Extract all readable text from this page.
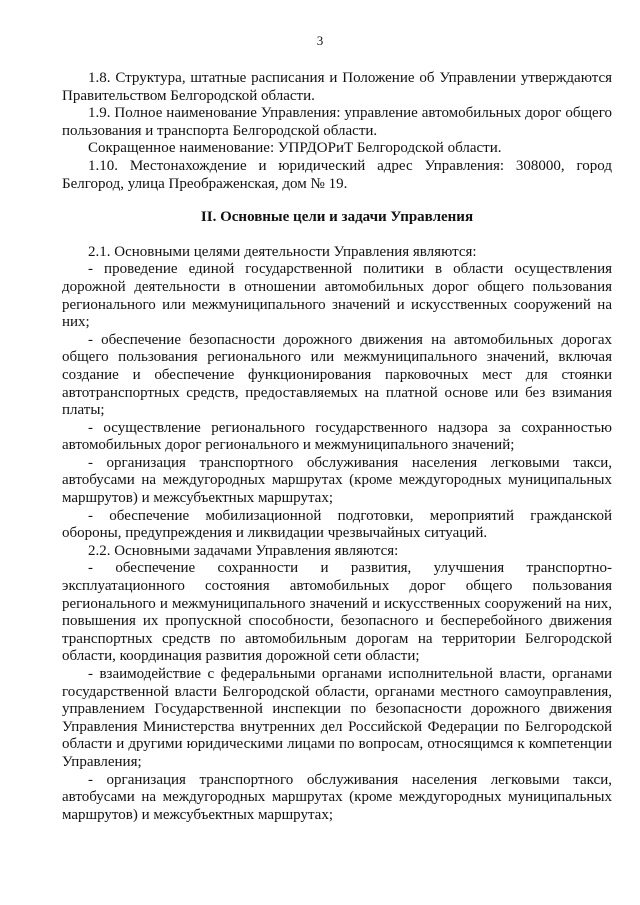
3

1.8. Структура, штатные расписания и Положение об Управлении утверждаются Правительством Белгородской области.

1.9. Полное наименование Управления: управление автомобильных дорог общего пользования и транспорта Белгородской области.

Сокращенное наименование: УПРДОРиТ Белгородской области.

1.10. Местонахождение и юридический адрес Управления: 308000, город Белгород, улица Преображенская, дом № 19.

II. Основные цели и задачи Управления

2.1. Основными целями деятельности Управления являются:

- проведение единой государственной политики в области осуществления дорожной деятельности в отношении автомобильных дорог общего пользования регионального или межмуниципального значений и искусственных сооружений на них;

- обеспечение безопасности дорожного движения на автомобильных дорогах общего пользования регионального или межмуниципального значений, включая создание и обеспечение функционирования парковочных мест для стоянки автотранспортных средств, предоставляемых на платной основе или без взимания платы;

- осуществление регионального государственного надзора за сохранностью автомобильных дорог регионального и межмуниципального значений;

- организация транспортного обслуживания населения легковыми такси, автобусами на междугородных маршрутах (кроме междугородных муниципальных маршрутов) и межсубъектных маршрутах;

- обеспечение мобилизационной подготовки, мероприятий гражданской обороны, предупреждения и ликвидации чрезвычайных ситуаций.

2.2. Основными задачами Управления являются:

- обеспечение сохранности и развития, улучшения транспортно-эксплуатационного состояния автомобильных дорог общего пользования регионального и межмуниципального значений и искусственных сооружений на них, повышения их пропускной способности, безопасного и бесперебойного движения транспортных средств по автомобильным дорогам на территории Белгородской области, координация развития дорожной сети области;

- взаимодействие с федеральными органами исполнительной власти, органами государственной власти Белгородской области, органами местного самоуправления, управлением Государственной инспекции по безопасности дорожного движения Управления Министерства внутренних дел Российской Федерации по Белгородской области и другими юридическими лицами по вопросам, относящимся к компетенции Управления;

- организация транспортного обслуживания населения легковыми такси, автобусами на междугородных маршрутах (кроме междугородных муниципальных маршрутов) и межсубъектных маршрутах;
